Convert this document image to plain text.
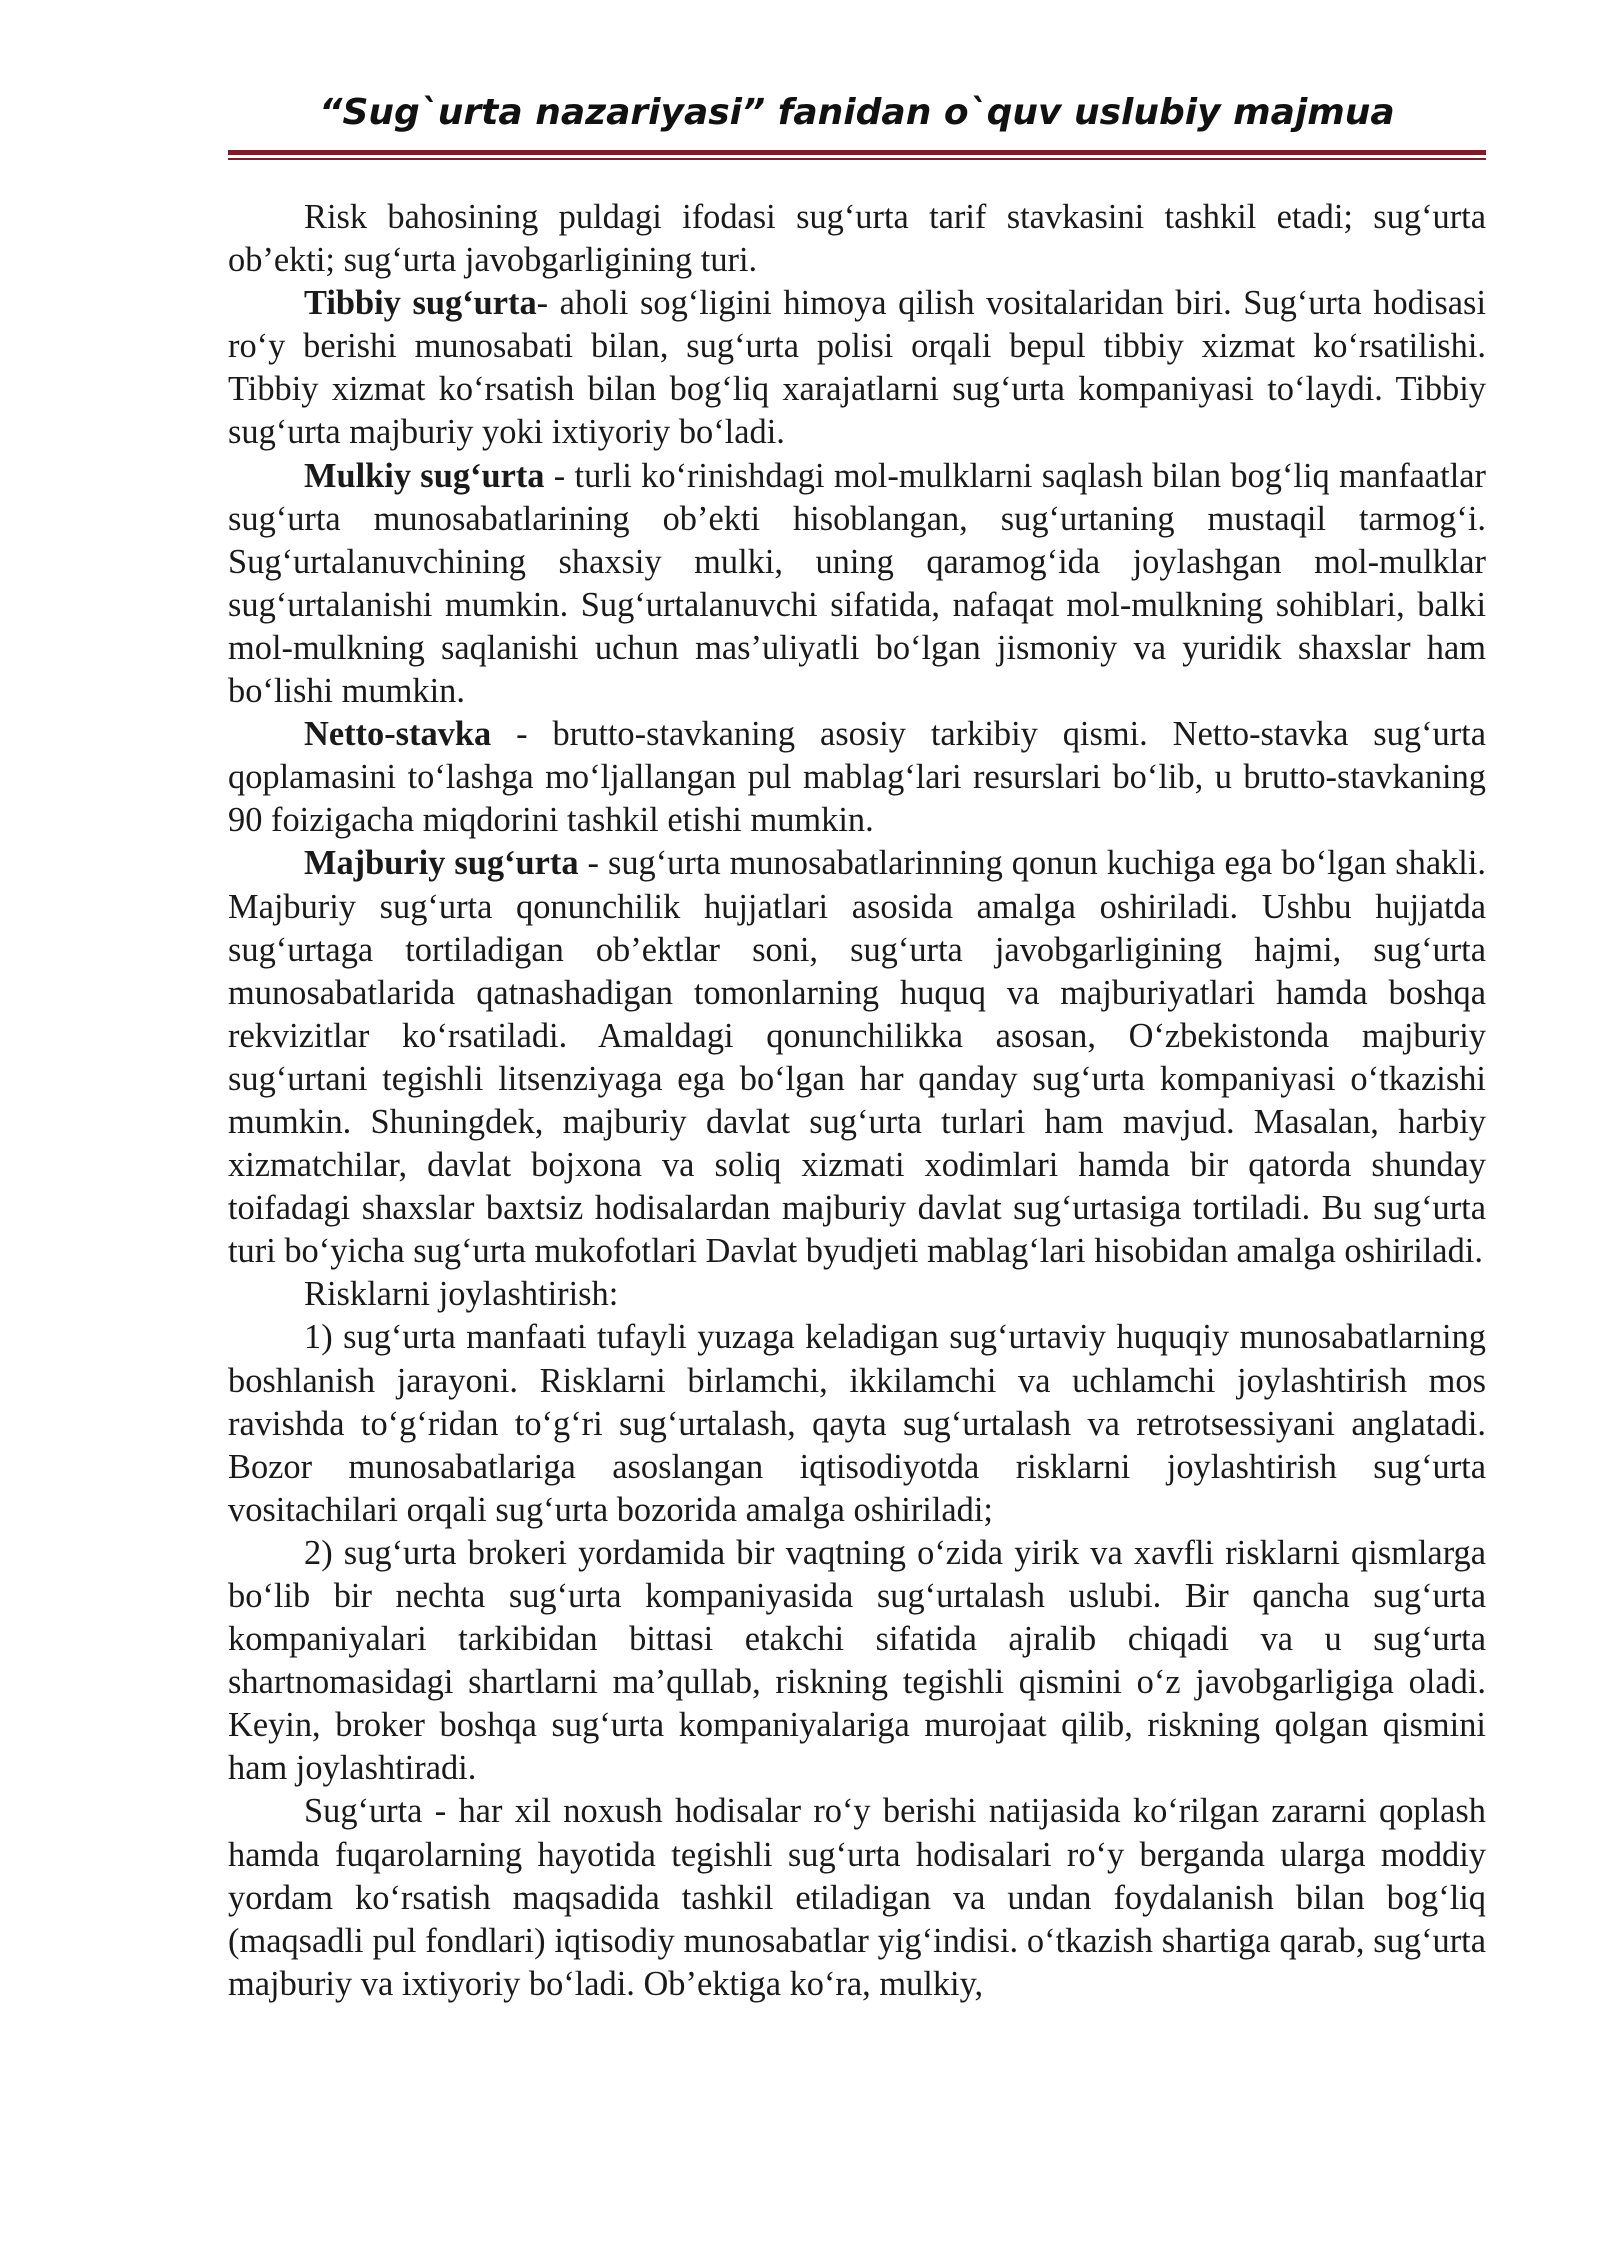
“Sug`urta nazariyasi” fanidan o`quv uslubiy majmua

Risk bahosining puldagi ifodasi sug‘urta tarif stavkasini tashkil etadi; sug‘urta ob’ekti; sug‘urta javobgarligining turi.

Tibbiy sug‘urta- aholi sog‘ligini himoya qilish vositalaridan biri. Sug‘urta hodisasi ro‘y berishi munosabati bilan, sug‘urta polisi orqali bepul tibbiy xizmat ko‘rsatilishi. Tibbiy xizmat ko‘rsatish bilan bog‘liq xarajatlarni sug‘urta kompaniyasi to‘laydi. Tibbiy sug‘urta majburiy yoki ixtiyoriy bo‘ladi.

Mulkiy sug‘urta - turli ko‘rinishdagi mol-mulklarni saqlash bilan bog‘liq manfaatlar sug‘urta munosabatlarining ob’ekti hisoblangan, sug‘urtaning mustaqil tarmog‘i. Sug‘urtalanuvchining shaxsiy mulki, uning qaramog‘ida joylashgan mol-mulklar sug‘urtalanishi mumkin. Sug‘urtalanuvchi sifatida, nafaqat mol-mulkning sohiblari, balki mol-mulkning saqlanishi uchun mas’uliyatli bo‘lgan jismoniy va yuridik shaxslar ham bo‘lishi mumkin.

Netto-stavka - brutto-stavkaning asosiy tarkibiy qismi. Netto-stavka sug‘urta qoplamasini to‘lashga mo‘ljallangan pul mablag‘lari resurslari bo‘lib, u brutto-stavkaning 90 foizigacha miqdorini tashkil etishi mumkin.

Majburiy sug‘urta - sug‘urta munosabatlarinning qonun kuchiga ega bo‘lgan shakli. Majburiy sug‘urta qonunchilik hujjatlari asosida amalga oshiriladi. Ushbu hujjatda sug‘urtaga tortiladigan ob’ektlar soni, sug‘urta javobgarligining hajmi, sug‘urta munosabatlarida qatnashadigan tomonlarning huquq va majburiyatlari hamda boshqa rekvizitlar ko‘rsatiladi. Amaldagi qonunchilikka asosan, O‘zbekistonda majburiy sug‘urtani tegishli litsenziyaga ega bo‘lgan har qanday sug‘urta kompaniyasi o‘tkazishi mumkin. Shuningdek, majburiy davlat sug‘urta turlari ham mavjud. Masalan, harbiy xizmatchilar, davlat bojxona va soliq xizmati xodimlari hamda bir qatorda shunday toifadagi shaxslar baxtsiz hodisalardan majburiy davlat sug‘urtasiga tortiladi. Bu sug‘urta turi bo‘yicha sug‘urta mukofotlari Davlat byudjeti mablag‘lari hisobidan amalga oshiriladi.

Risklarni joylashtirish:

1) sug‘urta manfaati tufayli yuzaga keladigan sug‘urtaviy huquqiy munosabatlarning boshlanish jarayoni. Risklarni birlamchi, ikkilamchi va uchlamchi joylashtirish mos ravishda to‘g‘ridan to‘g‘ri sug‘urtalash, qayta sug‘urtalash va retrotsessiyani anglatadi. Bozor munosabatlariga asoslangan iqtisodiyotda risklarni joylashtirish sug‘urta vositachilari orqali sug‘urta bozorida amalga oshiriladi;

2) sug‘urta brokeri yordamida bir vaqtning o‘zida yirik va xavfli risklarni qismlarga bo‘lib bir nechta sug‘urta kompaniyasida sug‘urtalash uslubi. Bir qancha sug‘urta kompaniyalari tarkibidan bittasi etakchi sifatida ajralib chiqadi va u sug‘urta shartnomasidagi shartlarni ma’qullab, riskning tegishli qismini o‘z javobgarligiga oladi. Keyin, broker boshqa sug‘urta kompaniyalariga murojaat qilib, riskning qolgan qismini ham joylashtiradi.

Sug‘urta - har xil noxush hodisalar ro‘y berishi natijasida ko‘rilgan zararni qoplash hamda fuqarolarning hayotida tegishli sug‘urta hodisalari ro‘y berganda ularga moddiy yordam ko‘rsatish maqsadida tashkil etiladigan va undan foydalanish bilan bog‘liq (maqsadli pul fondlari) iqtisodiy munosabatlar yig‘indisi. o‘tkazish shartiga qarab, sug‘urta majburiy va ixtiyoriy bo‘ladi. Ob’ektiga ko‘ra, mulkiy,
